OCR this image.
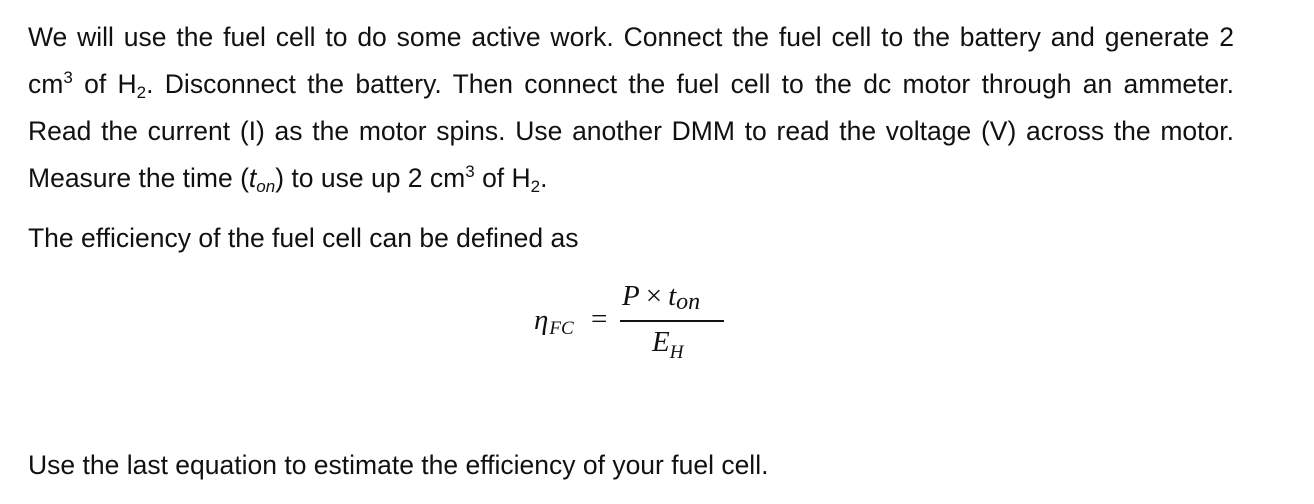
We will use the fuel cell to do some active work. Connect the fuel cell to the battery and generate 2 $cm^3$ of $H_2$. Disconnect the battery. Then connect the fuel cell to the dc motor through an ammeter. Read the current (I) as the motor spins. Use another DMM to read the voltage (V) across the motor. Measure the time $(t_{on})$ to use up 2 $cm^3$ of $H_2$.

The efficiency of the fuel cell can be defined as

ηFC =
P × ton
$E_H$

Use the last equation to estimate the efficiency of your fuel cell.
